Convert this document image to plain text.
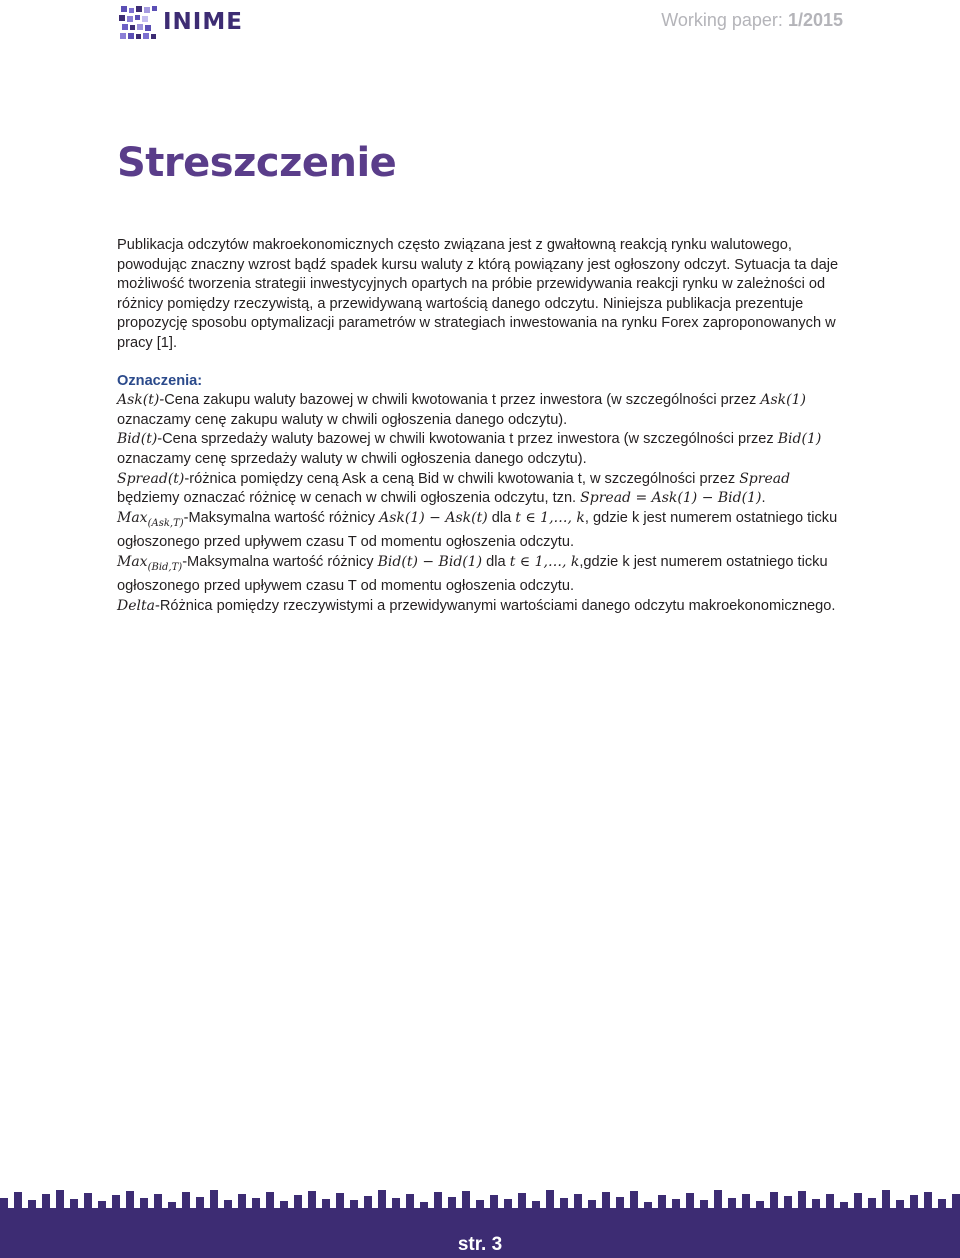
INIME	Working paper: 1/2015
Streszczenie

Publikacja odczytów makroekonomicznych często związana jest z gwałtowną reakcją rynku walutowego, powodując znaczny wzrost bądź spadek kursu waluty z którą powiązany jest ogłoszony odczyt. Sytuacja ta daje możliwość tworzenia strategii inwestycyjnych opartych na próbie przewidywania reakcji rynku w zależności od różnicy pomiędzy rzeczywistą, a przewidywaną wartością danego odczytu. Niniejsza publikacja prezentuje propozycję sposobu optymalizacji parametrów w strategiach inwestowania na rynku Forex zaproponowanych w pracy [1].

Oznaczenia:

Ask(t)-Cena zakupu waluty bazowej w chwili kwotowania t przez inwestora (w szczególności przez Ask(1) oznaczamy cenę zakupu waluty w chwili ogłoszenia danego odczytu).

Bid(t)-Cena sprzedaży waluty bazowej w chwili kwotowania t przez inwestora (w szczególności przez Bid(1) oznaczamy cenę sprzedaży waluty w chwili ogłoszenia danego odczytu).

Spread(t)-różnica pomiędzy ceną Ask a ceną Bid w chwili kwotowania t, w szczególności przez Spread będziemy oznaczać różnicę w cenach w chwili ogłoszenia odczytu, tzn. Spread = Ask(1) − Bid(1).

Max$_{(Ask,T)}$-Maksymalna wartość różnicy Ask(1) − Ask(t) dla t ∈ 1,…, k, gdzie k jest numerem ostatniego ticku ogłoszonego przed upływem czasu T od momentu ogłoszenia odczytu.

Max$_{(Bid,T)}$-Maksymalna wartość różnicy Bid(t) − Bid(1) dla t ∈ 1,…, k,gdzie k jest numerem ostatniego ticku ogłoszonego przed upływem czasu T od momentu ogłoszenia odczytu.

Delta-Różnica pomiędzy rzeczywistymi a przewidywanymi wartościami danego odczytu makroekonomicznego.

str. 3
